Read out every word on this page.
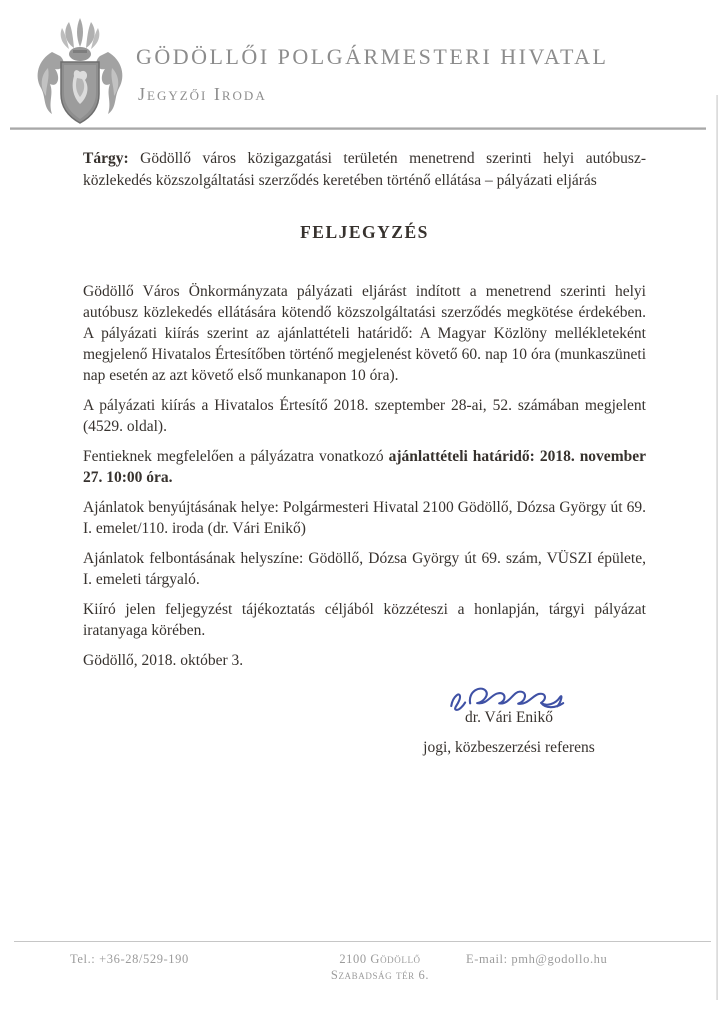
GÖDÖLLŐI POLGÁRMESTERI HIVATAL
Jegyzői Iroda

Tárgy: Gödöllő város közigazgatási területén menetrend szerinti helyi autóbusz-közlekedés közszolgáltatási szerződés keretében történő ellátása – pályázati eljárás

FELJEGYZÉS

Gödöllő Város Önkormányzata pályázati eljárást indított a menetrend szerinti helyi autóbusz közlekedés ellátására kötendő közszolgáltatási szerződés megkötése érdekében. A pályázati kiírás szerint az ajánlattételi határidő: A Magyar Közlöny mellékleteként megjelenő Hivatalos Értesítőben történő megjelenést követő 60. nap 10 óra (munkaszüneti nap esetén az azt követő első munkanapon 10 óra).

A pályázati kiírás a Hivatalos Értesítő 2018. szeptember 28-ai, 52. számában megjelent (4529. oldal).

Fentieknek megfelelően a pályázatra vonatkozó ajánlattételi határidő: 2018. november 27. 10:00 óra.

Ajánlatok benyújtásának helye: Polgármesteri Hivatal 2100 Gödöllő, Dózsa György út 69. I. emelet/110. iroda (dr. Vári Enikő)

Ajánlatok felbontásának helyszíne: Gödöllő, Dózsa György út 69. szám, VÜSZI épülete, I. emeleti tárgyaló.

Kiíró jelen feljegyzést tájékoztatás céljából közzéteszi a honlapján, tárgyi pályázat iratanyaga körében.

Gödöllő, 2018. október 3.

dr. Vári Enikő
jogi, közbeszerzési referens
Tel.: +36-28/529-190	2100 Gödöllő
Szabadság tér 6.
E-mail: pmh@godollo.hu
